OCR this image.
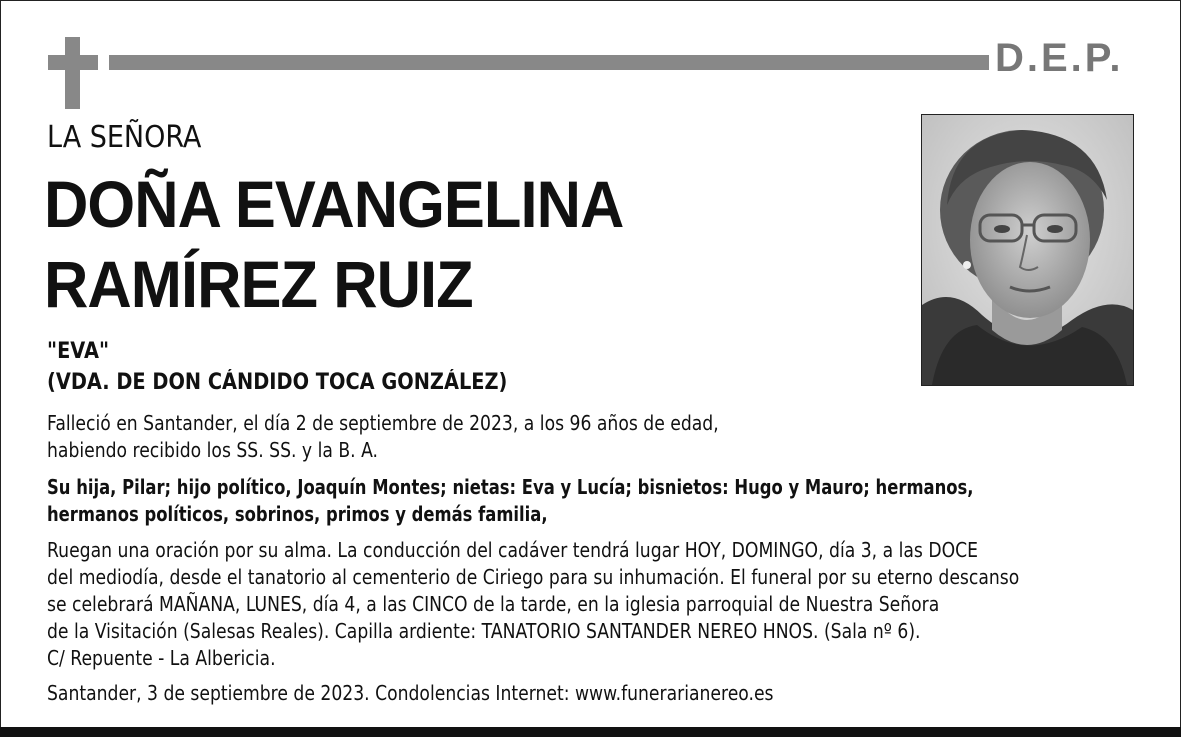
D.E.P.
LA SEÑORA
DOÑA EVANGELINA
RAMÍREZ RUIZ
"EVA"
(VDA. DE DON CÁNDIDO TOCA GONZÁLEZ)
Falleció en Santander, el día 2 de septiembre de 2023, a los 96 años de edad,
habiendo recibido los SS. SS. y la B. A.
Su hija, Pilar; hijo político, Joaquín Montes; nietas: Eva y Lucía; bisnietos: Hugo y Mauro; hermanos,
hermanos políticos, sobrinos, primos y demás familia,
Ruegan una oración por su alma. La conducción del cadáver tendrá lugar HOY, DOMINGO, día 3, a las DOCE
del mediodía, desde el tanatorio al cementerio de Ciriego para su inhumación. El funeral por su eterno descanso
se celebrará MAÑANA, LUNES, día 4, a las CINCO de la tarde, en la iglesia parroquial de Nuestra Señora
de la Visitación (Salesas Reales). Capilla ardiente: TANATORIO SANTANDER NEREO HNOS. (Sala nº 6).
C/ Repuente - La Albericia.
Santander, 3 de septiembre de 2023. Condolencias Internet: www.funerarianereo.es
